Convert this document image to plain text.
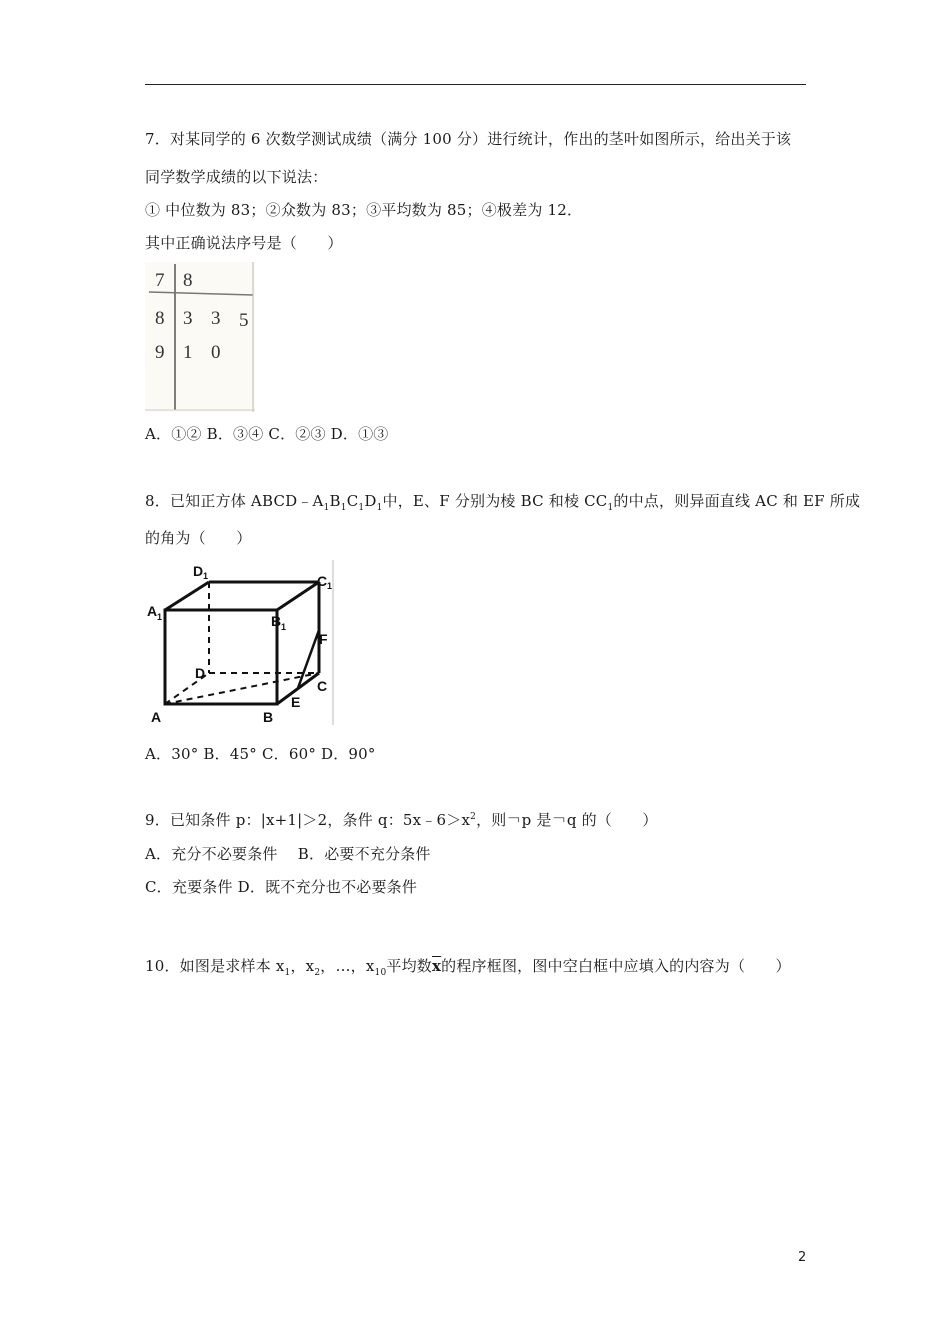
7．对某同学的 6 次数学测试成绩（满分 100 分）进行统计，作出的茎叶如图所示，给出关于该
同学数学成绩的以下说法：
① 中位数为 83；②众数为 83；③平均数为 85；④极差为 12．
其中正确说法序号是（　　）
7 8
8 3 3 5
9 1 0
A．①② B．③④ C．②③ D．①③
8．已知正方体 $ABCD﹣A_1B_1C_1D_1$中，E、F 分别为棱 BC 和棱 $CC_1$的中点，则异面直线 AC 和 EF 所成
的角为（　　）
D 1	C 1
A 1	B 1
F
D
C
E
A	B
A．30° B．45° C．60° D．90°
9．已知条件 p：|x+1|＞2，条件 q：$5x﹣6>x^2$，则￢p 是￢q 的（　　）
A．充分不必要条件　 B．必要不充分条件
C．充要条件 D．既不充分也不必要条件
10．如图是求样本 $x_1$，$x_2$，…，$x_{10}$平均数$\overline{x}$的程序框图，图中空白框中应填入的内容为（　　）
2
